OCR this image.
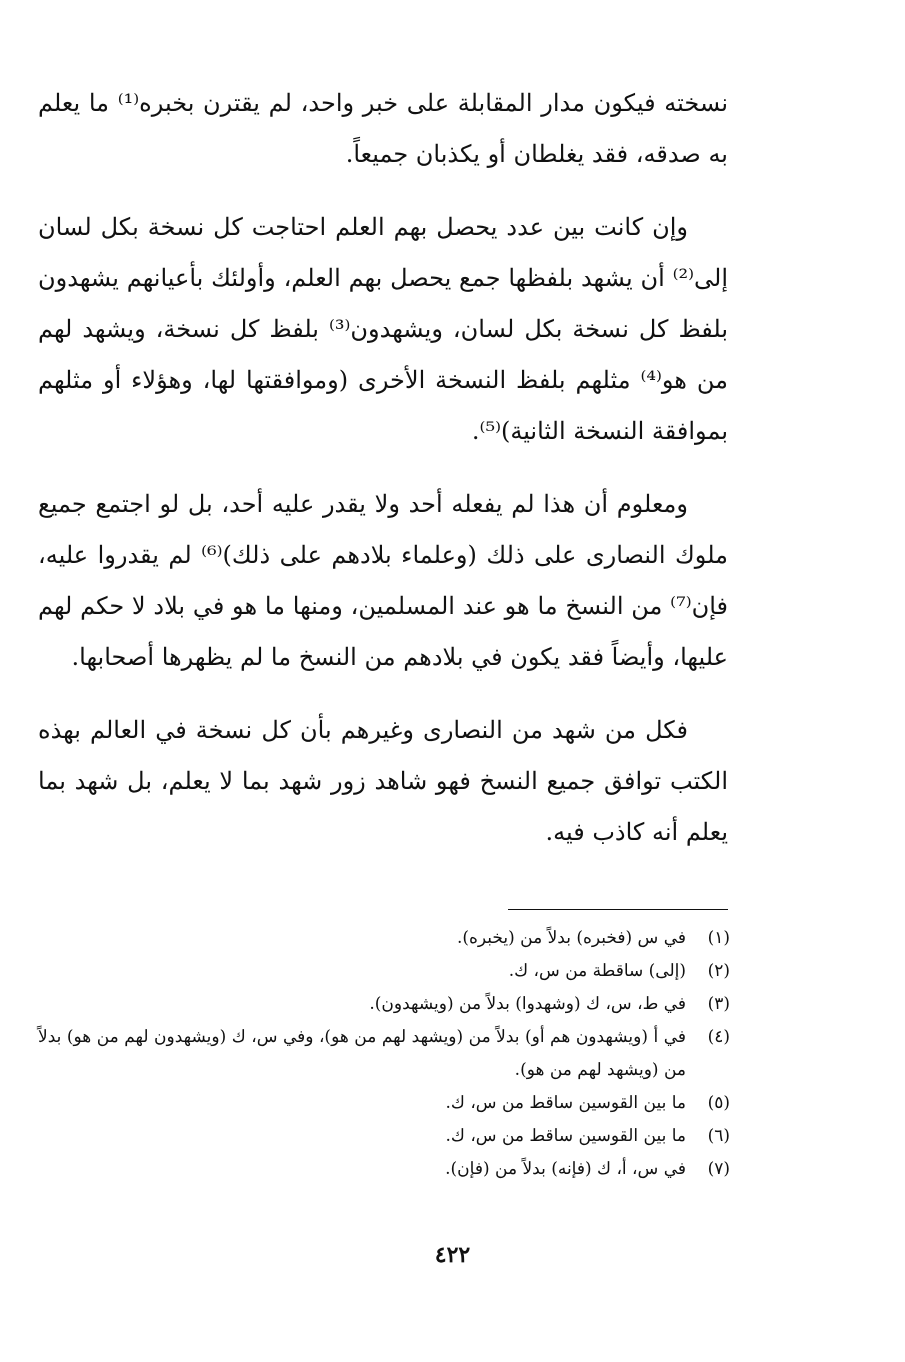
نسخته فيكون مدار المقابلة على خبر واحد، لم يقترن بخبره⁽¹⁾ ما يعلم به صدقه، فقد يغلطان أو يكذبان جميعاً.

وإن كانت بين عدد يحصل بهم العلم احتاجت كل نسخة بكل لسان إلى⁽²⁾ أن يشهد بلفظها جمع يحصل بهم العلم، وأولئك بأعيانهم يشهدون بلفظ كل نسخة بكل لسان، ويشهدون⁽³⁾ بلفظ كل نسخة، ويشهد لهم من هو⁽⁴⁾ مثلهم بلفظ النسخة الأخرى (وموافقتها لها، وهؤلاء أو مثلهم بموافقة النسخة الثانية)⁽⁵⁾.

ومعلوم أن هذا لم يفعله أحد ولا يقدر عليه أحد، بل لو اجتمع جميع ملوك النصارى على ذلك (وعلماء بلادهم على ذلك)⁽⁶⁾ لم يقدروا عليه، فإن⁽⁷⁾ من النسخ ما هو عند المسلمين، ومنها ما هو في بلاد لا حكم لهم عليها، وأيضاً فقد يكون في بلادهم من النسخ ما لم يظهرها أصحابها.

فكل من شهد من النصارى وغيرهم بأن كل نسخة في العالم بهذه الكتب توافق جميع النسخ فهو شاهد زور شهد بما لا يعلم، بل شهد بما يعلم أنه كاذب فيه.

(١)
في س (فخبره) بدلاً من (يخبره).
(٢)
(إلى) ساقطة من س، ك.
(٣)
في ط، س، ك (وشهدوا) بدلاً من (ويشهدون).
(٤)
في أ (ويشهدون هم أو) بدلاً من (ويشهد لهم من هو)، وفي س، ك (ويشهدون لهم من هو) بدلاً من (ويشهد لهم من هو).
(٥)
ما بين القوسين ساقط من س، ك.
(٦)
ما بين القوسين ساقط من س، ك.
(٧)
في س، أ، ك (فإنه) بدلاً من (فإن).
٤٢٢
